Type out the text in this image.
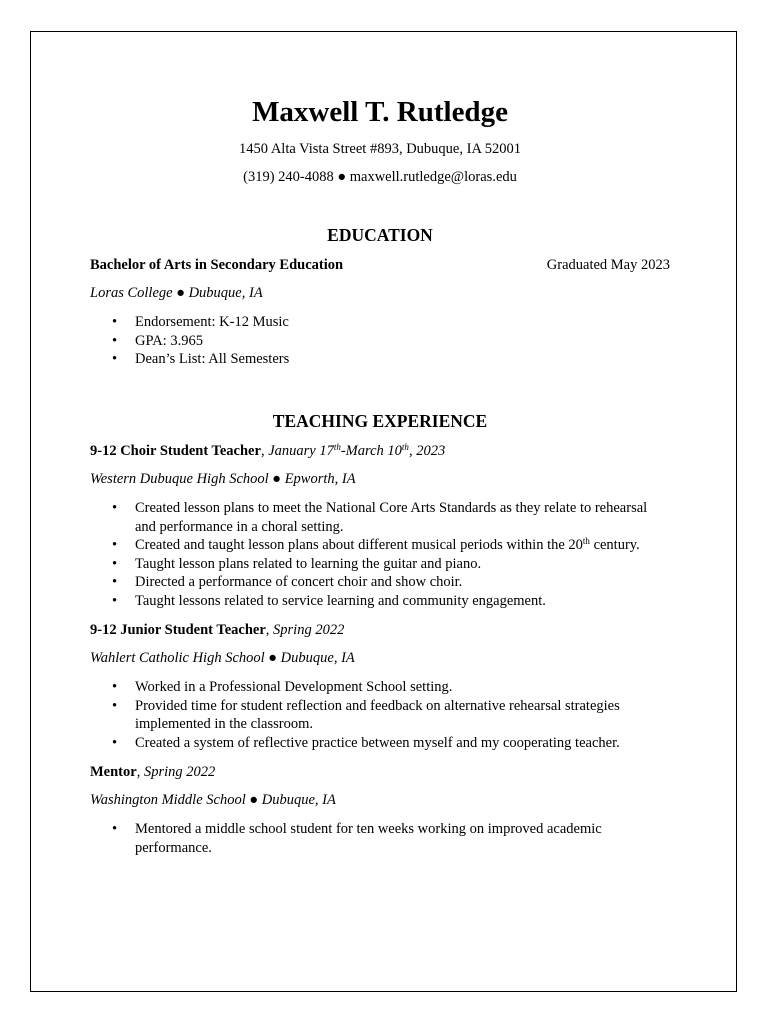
Maxwell T. Rutledge
1450 Alta Vista Street #893, Dubuque, IA 52001
(319) 240-4088 ● maxwell.rutledge@loras.edu
EDUCATION
Bachelor of Arts in Secondary Education	Graduated May 2023
Loras College ● Dubuque, IA
• Endorsement: K-12 Music
• GPA: 3.965
• Dean’s List: All Semesters
TEACHING EXPERIENCE
9-12 Choir Student Teacher, January 17th-March 10th, 2023
Western Dubuque High School ● Epworth, IA
• Created lesson plans to meet the National Core Arts Standards as they relate to rehearsal and performance in a choral setting.
• Created and taught lesson plans about different musical periods within the 20th century.
• Taught lesson plans related to learning the guitar and piano.
• Directed a performance of concert choir and show choir.
• Taught lessons related to service learning and community engagement.
9-12 Junior Student Teacher, Spring 2022
Wahlert Catholic High School ● Dubuque, IA
• Worked in a Professional Development School setting.
• Provided time for student reflection and feedback on alternative rehearsal strategies implemented in the classroom.
• Created a system of reflective practice between myself and my cooperating teacher.
Mentor, Spring 2022
Washington Middle School ● Dubuque, IA
• Mentored a middle school student for ten weeks working on improved academic performance.
